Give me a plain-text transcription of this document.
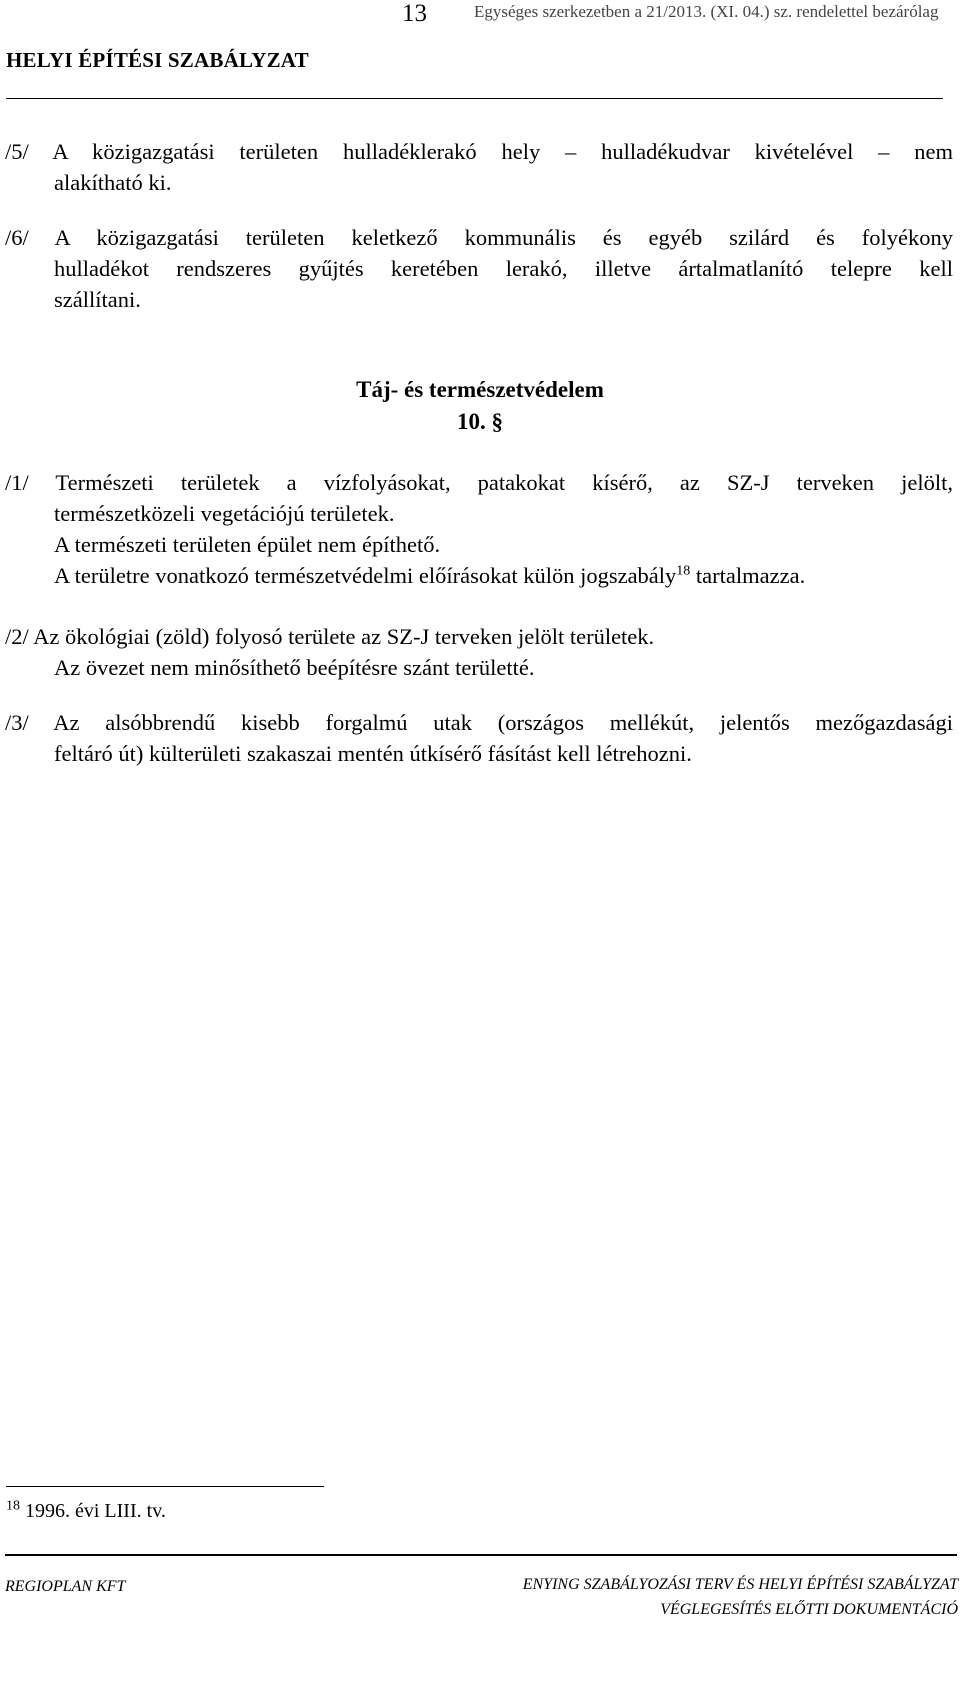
13	Egységes szerkezetben a 21/2013. (XI. 04.) sz. rendelettel bezárólag
HELYI ÉPÍTÉSI SZABÁLYZAT

/5/ A közigazgatási területen hulladéklerakó hely – hulladékudvar kivételével – nem

alakítható ki.

/6/ A közigazgatási területen keletkező kommunális és egyéb szilárd és folyékony

hulladékot rendszeres gyűjtés keretében lerakó, illetve ártalmatlanító telepre kell

szállítani.

Táj- és természetvédelem
10. §

/1/ Természeti területek a vízfolyásokat, patakokat kísérő, az SZ-J terveken jelölt,

természetközeli vegetációjú területek.

A természeti területen épület nem építhető.

A területre vonatkozó természetvédelmi előírásokat külön jogszabály$^{18}$ tartalmazza.

/2/ Az ökológiai (zöld) folyosó területe az SZ-J terveken jelölt területek.

Az övezet nem minősíthető beépítésre szánt területté.

/3/ Az alsóbbrendű kisebb forgalmú utak (országos mellékút, jelentős mezőgazdasági

feltáró út) külterületi szakaszai mentén útkísérő fásítást kell létrehozni.

$^{18}$ 1996. évi LIII. tv.
REGIOPLAN KFT	ENYING SZABÁLYOZÁSI TERV ÉS HELYI ÉPÍTÉSI SZABÁLYZAT
VÉGLEGESÍTÉS ELŐTTI DOKUMENTÁCIÓ
